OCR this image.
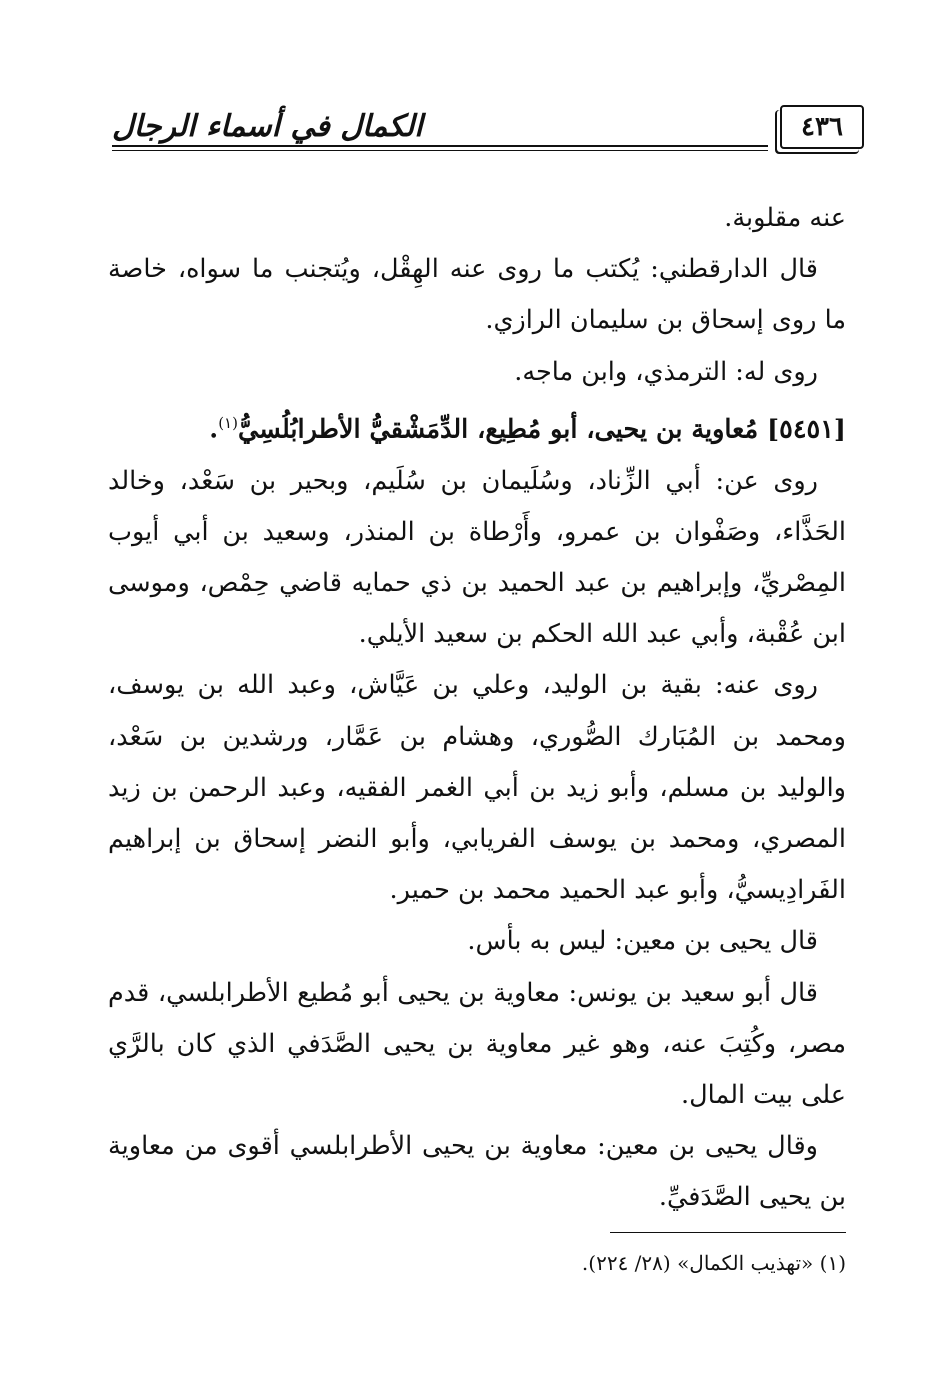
٤٣٦
الكمال في أسماء الرجال

عنه مقلوبة.

قال الدارقطني: يُكتب ما روى عنه الهِقْل، ويُتجنب ما سواه، خاصة ما روى إسحاق بن سليمان الرازي.

روى له: الترمذي، وابن ماجه.

[٥٤٥١] مُعاوية بن يحيى، أبو مُطِيع، الدِّمَشْقيُّ الأطرابُلُسِيُّ$^{(١)}$.

روى عن: أبي الزِّناد، وسُلَيمان بن سُلَيم، وبحير بن سَعْد، وخالد الحَذَّاء، وصَفْوان بن عمرو، وأَرْطاة بن المنذر، وسعيد بن أبي أيوب المِصْريِّ، وإبراهيم بن عبد الحميد بن ذي حمايه قاضي حِمْص، وموسى ابن عُقْبة، وأبي عبد الله الحكم بن سعيد الأيلي.

روى عنه: بقية بن الوليد، وعلي بن عَيَّاش، وعبد الله بن يوسف، ومحمد بن المُبَارك الصُّوري، وهشام بن عَمَّار، ورشدين بن سَعْد، والوليد بن مسلم، وأبو زيد بن أبي الغمر الفقيه، وعبد الرحمن بن زيد المصري، ومحمد بن يوسف الفريابي، وأبو النضر إسحاق بن إبراهيم الفَرادِيسيُّ، وأبو عبد الحميد محمد بن حمير.

قال يحيى بن معين: ليس به بأس.

قال أبو سعيد بن يونس: معاوية بن يحيى أبو مُطيع الأطرابلسي، قدم مصر، وكُتِبَ عنه، وهو غير معاوية بن يحيى الصَّدَفي الذي كان بالرَّي على بيت المال.

وقال يحيى بن معين: معاوية بن يحيى الأطرابلسي أقوى من معاوية بن يحيى الصَّدَفيِّ.

(١) «تهذيب الكمال» (٢٨/ ٢٢٤).
